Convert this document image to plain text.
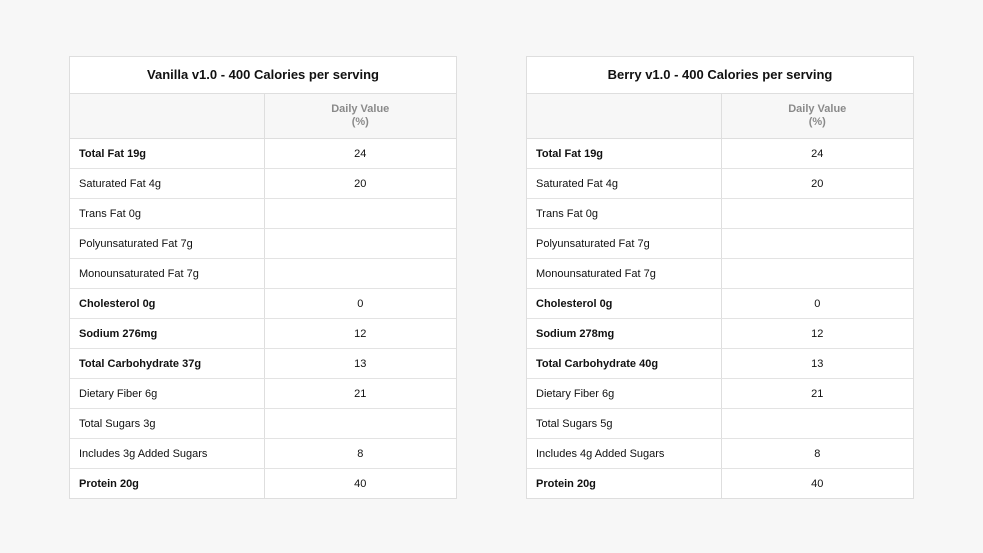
Vanilla v1.0 - 400 Calories per serving

	Daily Value
(%)

Total Fat 19g	24
Saturated Fat 4g	20
Trans Fat 0g	
Polyunsaturated Fat 7g	
Monounsaturated Fat 7g	
Cholesterol 0g	0
Sodium 276mg	12
Total Carbohydrate 37g	13
Dietary Fiber 6g	21
Total Sugars 3g	
Includes 3g Added Sugars	8
Protein 20g	40
Berry v1.0 - 400 Calories per serving

	Daily Value
(%)

Total Fat 19g	24
Saturated Fat 4g	20
Trans Fat 0g	
Polyunsaturated Fat 7g	
Monounsaturated Fat 7g	
Cholesterol 0g	0
Sodium 278mg	12
Total Carbohydrate 40g	13
Dietary Fiber 6g	21
Total Sugars 5g	
Includes 4g Added Sugars	8
Protein 20g	40
